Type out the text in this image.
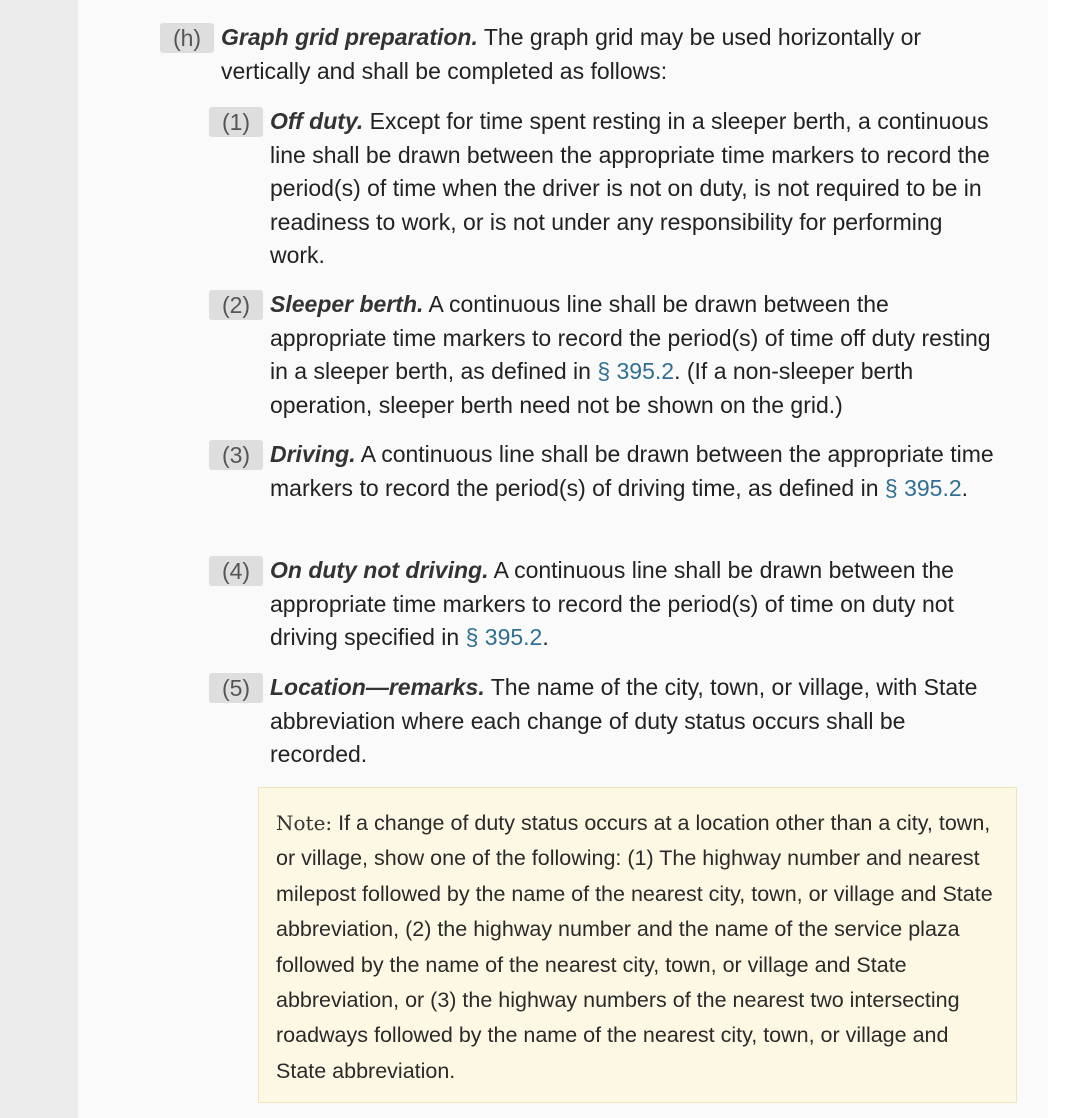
(h) Graph grid preparation. The graph grid may be used horizontally or vertically and shall be completed as follows:
(1) Off duty. Except for time spent resting in a sleeper berth, a continuous line shall be drawn between the appropriate time markers to record the period(s) of time when the driver is not on duty, is not required to be in readiness to work, or is not under any responsibility for performing work.
(2) Sleeper berth. A continuous line shall be drawn between the appropriate time markers to record the period(s) of time off duty resting in a sleeper berth, as defined in § 395.2. (If a non-sleeper berth operation, sleeper berth need not be shown on the grid.)
(3) Driving. A continuous line shall be drawn between the appropriate time markers to record the period(s) of driving time, as defined in § 395.2.
(4) On duty not driving. A continuous line shall be drawn between the appropriate time markers to record the period(s) of time on duty not driving specified in § 395.2.
(5) Location—remarks. The name of the city, town, or village, with State abbreviation where each change of duty status occurs shall be recorded.
Note: If a change of duty status occurs at a location other than a city, town, or village, show one of the following: (1) The highway number and nearest milepost followed by the name of the nearest city, town, or village and State abbreviation, (2) the highway number and the name of the service plaza followed by the name of the nearest city, town, or village and State abbreviation, or (3) the highway numbers of the nearest two intersecting roadways followed by the name of the nearest city, town, or village and State abbreviation.
